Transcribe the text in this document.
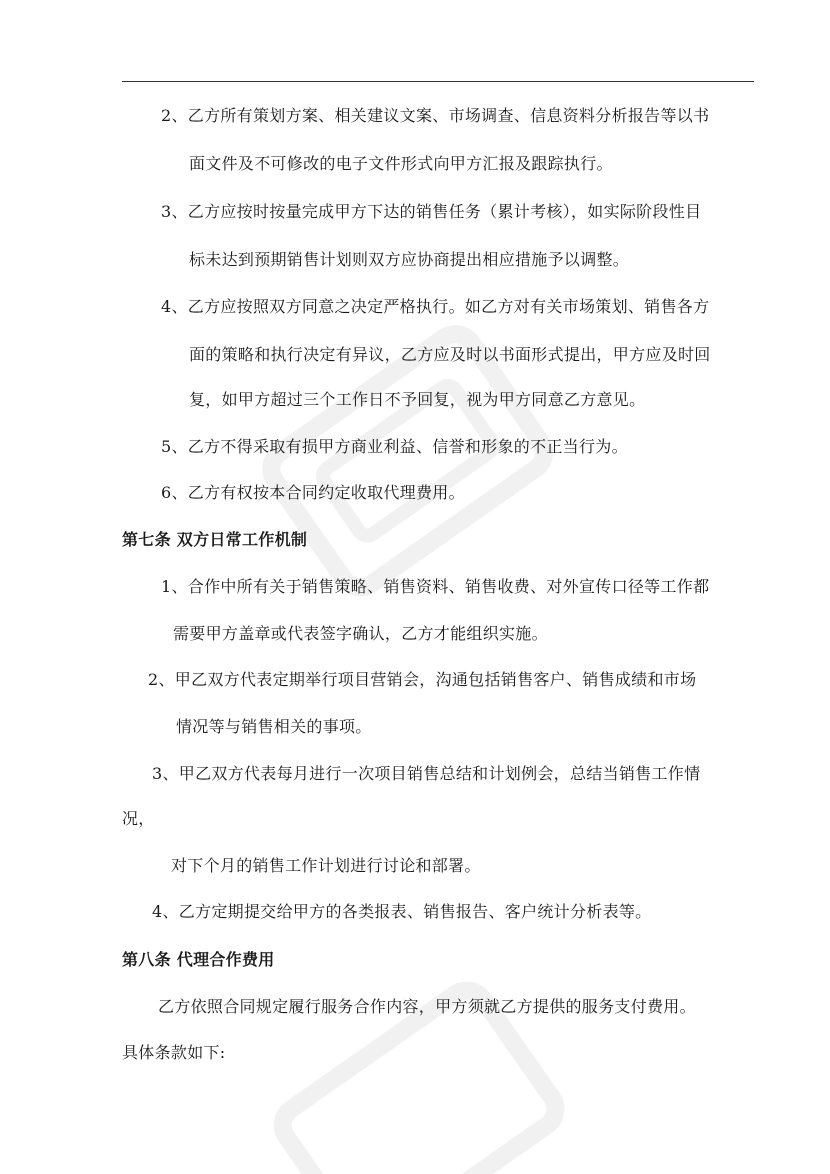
2、乙方所有策划方案、相关建议文案、市场调查、信息资料分析报告等以书
面文件及不可修改的电子文件形式向甲方汇报及跟踪执行。
3、乙方应按时按量完成甲方下达的销售任务（累计考核），如实际阶段性目
标未达到预期销售计划则双方应协商提出相应措施予以调整。
4、乙方应按照双方同意之决定严格执行。如乙方对有关市场策划、销售各方
面的策略和执行决定有异议，乙方应及时以书面形式提出，甲方应及时回
复，如甲方超过三个工作日不予回复，视为甲方同意乙方意见。
5、乙方不得采取有损甲方商业利益、信誉和形象的不正当行为。
6、乙方有权按本合同约定收取代理费用。
第七条 双方日常工作机制
1、合作中所有关于销售策略、销售资料、销售收费、对外宣传口径等工作都
需要甲方盖章或代表签字确认，乙方才能组织实施。
2、甲乙双方代表定期举行项目营销会，沟通包括销售客户、销售成绩和市场
情况等与销售相关的事项。
3、甲乙双方代表每月进行一次项目销售总结和计划例会，总结当销售工作情
况，
对下个月的销售工作计划进行讨论和部署。
4、乙方定期提交给甲方的各类报表、销售报告、客户统计分析表等。
第八条 代理合作费用
乙方依照合同规定履行服务合作内容，甲方须就乙方提供的服务支付费用。
具体条款如下:
